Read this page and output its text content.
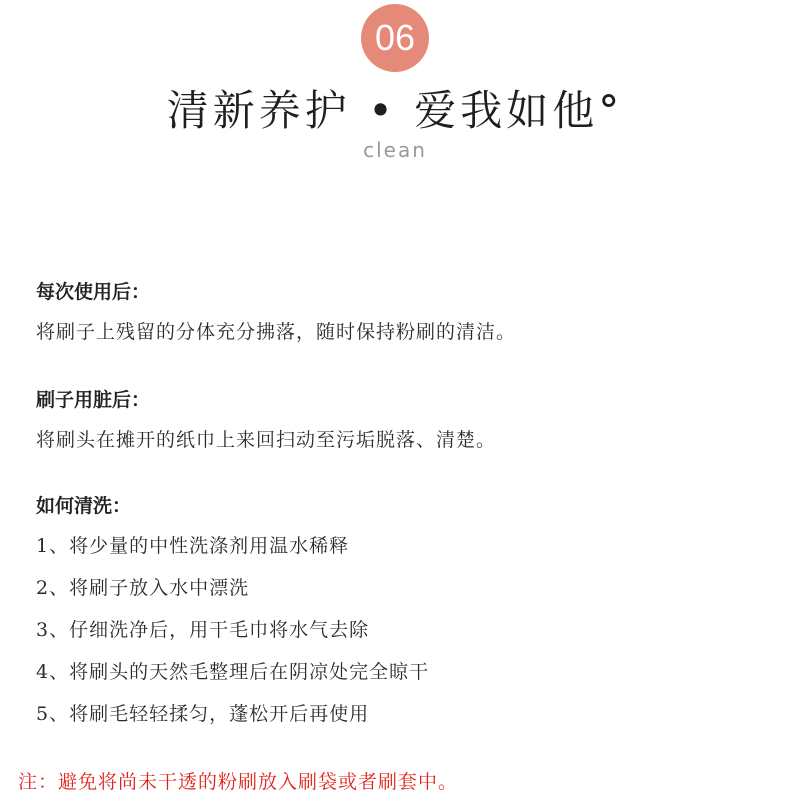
06
清新养护 • 爱我如他°
clean
每次使用后：
将刷子上残留的分体充分拂落，随时保持粉刷的清洁。
刷子用脏后：
将刷头在摊开的纸巾上来回扫动至污垢脱落、清楚。
如何清洗：
1、将少量的中性洗涤剂用温水稀释
2、将刷子放入水中漂洗
3、仔细洗净后，用干毛巾将水气去除
4、将刷头的天然毛整理后在阴凉处完全晾干
5、将刷毛轻轻揉匀，蓬松开后再使用
注：避免将尚未干透的粉刷放入刷袋或者刷套中。
